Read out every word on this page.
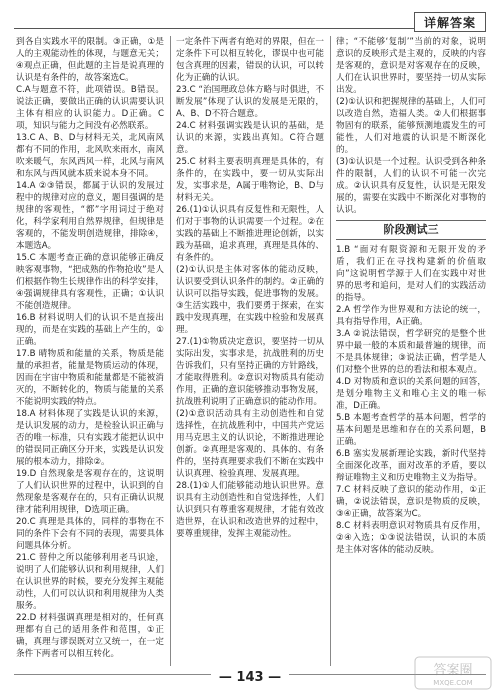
详解答案
到各自实践水平的限制。③正确，①是人的主观能动性的体现，与题意无关；④观点正确，但此题的主旨是说真理的认识是有条件的，故答案选C。
C.A与题意不符，此项错误。B错误。说法正确，要做出正确的认识需要认识主体有相应的认识能力。D正确。C项，知识与能力之间没有必然联系。
13.C A、B、D与材料无关，北风南风都有不同的作用，北风吹来雨水，南风吹来暖气，东风西风一样，北风与南风和东风与西风就本质来说本身不同。
14.A ②③错误，都属于认识的发展过程中的规律对应的意义，题目强调的是规律的客观性，“都”字用词过于绝对化，科学家利用自然界规律，但规律是客观的，不能发明创造规律，排除④，本题选A。
15.C 本题考查正确的意识能够正确反映客观事物，“把成熟的作物抢收”是人们根据作物生长规律作出的科学安排，④强调规律具有客观性，正确；①认识不能创造规律。
16.B 材料说明人们的认识不是直接出现的，而是在实践的基础上产生的，①正确。
17.B 晴物质和能量的关系，物质是能量的承担者，能量是物质运动的体现，因而在宇宙中物质和能量都是不能被消灭的，不断转化的，物质与能量的关系不能说明实践的特点。
18.A 材料体现了实践是认识的来源，是认识发展的动力，是检验认识正确与否的唯一标准，只有实践才能把认识中的错误同正确区分开来，实践是认识发展的根本动力，排除②。
19.D 自然现象是客观存在的，这说明了人们认识世界的过程中，认识到的自然现象是客观存在的，只有正确认识规律才能利用规律，D选项正确。
20.C 真理是具体的，同样的事物在不同的条件下会有不同的表现，需要具体问题具体分析。
21.C 替仲之所以能够利用老马识途，说明了人们能够认识和利用规律，人们在认识世界的时候，要充分发挥主观能动性，人们可以认识和利用规律为人类服务。
22.D 材料强调真理是相对的，任何真理都有自己的适用条件和范围，①正确，真理与谬误既对立又统一，在一定条件下两者可以相互转化。
一定条件下两者有绝对的界限，但在一定条件下可以相互转化，谬误中也可能包含真理的因素，错误的认识，可以转化为正确的认识。
23.C “治国理政总体方略与时俱进，不断发展”体现了认识的发展是无限的，A、B、D不符合题意。
24.C 材料强调实践是认识的基础，是认识的来源，实践出真知。C符合题意。
25.C 材料主要表明真理是具体的，有条件的，在实践中，要一切从实际出发，实事求是，A属于唯物论，B、D与材料无关。
26.(1)①认识具有反复性和无限性，人们对于事物的认识需要一个过程。②在实践的基础上不断推进理论创新，以实践为基础，追求真理，真理是具体的、有条件的。
(2)①认识是主体对客体的能动反映，认识要受到认识条件的制约。②正确的认识可以指导实践，促进事物的发展。③生活实践中，我们要勇于探索，在实践中发现真理，在实践中检验和发展真理。
27.(1)①物质决定意识，要坚持一切从实际出发，实事求是，抗战胜利的历史告诉我们，只有坚持正确的方针路线，才能取得胜利。②意识对物质具有能动作用，正确的意识能够推动事物发展，抗战胜利说明了正确意识的能动作用。
(2)①意识活动具有主动创造性和自觉选择性，在抗战胜利中，中国共产党运用马克思主义的认识论，不断推进理论创新。②真理是客观的、具体的、有条件的，坚持真理要求我们不断在实践中认识真理、检验真理、发展真理。
28.(1)①人们能够能动地认识世界。意识具有主动创造性和自觉选择性，人们认识到只有尊重客观规律，才能有效改造世界，在认识和改造世界的过程中，要尊重规律，发挥主观能动性。
律；“不能够‘复制’”当前的对象，说明意识的反映形式是主观的，反映的内容是客观的，意识是对客观存在的反映，人们在认识世界时，要坚持一切从实际出发。
(2)①认识和把握规律的基础上，人们可以改造自然，造福人类。②人们根据事物固有的联系，能够预测地震发生的可能性，人们对地震的认识是不断深化的。
(3)①认识是一个过程。认识受到各种条件的限制，人们的认识不可能一次完成。②认识具有反复性，认识是无限发展的，需要在实践中不断深化对事物的认识。
阶段测试三
1.B “面对有限资源和无限开发的矛盾，我们正在寻找构建新的价值取向”这说明哲学源于人们在实践中对世界的思考和追问，是对人们的实践活动的指导。
2.A 哲学作为世界观和方法论的统一，具有指导作用，A正确。
3.A ②说法错误，哲学研究的是整个世界中最一般的本质和最普遍的规律，而不是具体规律；③说法正确，哲学是人们对整个世界的总的看法和根本观点。
4.D 对物质和意识的关系问题的回答，是划分唯物主义和唯心主义的唯一标准，D正确。
5.B 本题考查哲学的基本问题，哲学的基本问题是思维和存在的关系问题，B正确。
6.B 塞实发展新理论实践，新时代坚持全面深化改革，面对改革的矛盾，要以辩证唯物主义和历史唯物主义为指导。
7.C 材料反映了意识的能动作用，①正确，②说法错误，意识是物质的反映，③④正确，故答案为C。
8.C 材料表明意识对物质具有反作用，②④入选；①③说法错误，认识的本质是主体对客体的能动反映。
— 143 —	答案圈
MXQE.COM
